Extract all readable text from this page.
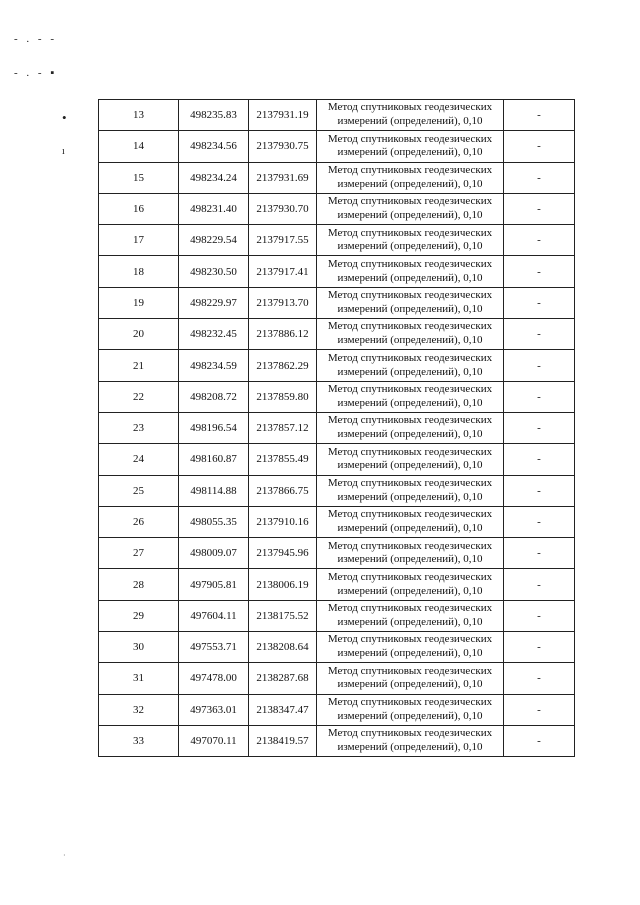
- . - -
- . - ▪
•
ı
·
13	498235.83	2137931.19	Метод спутниковых геодезических
измерений (определений), 0,10	-
14	498234.56	2137930.75	Метод спутниковых геодезических
измерений (определений), 0,10	-
15	498234.24	2137931.69	Метод спутниковых геодезических
измерений (определений), 0,10	-
16	498231.40	2137930.70	Метод спутниковых геодезических
измерений (определений), 0,10	-
17	498229.54	2137917.55	Метод спутниковых геодезических
измерений (определений), 0,10	-
18	498230.50	2137917.41	Метод спутниковых геодезических
измерений (определений), 0,10	-
19	498229.97	2137913.70	Метод спутниковых геодезических
измерений (определений), 0,10	-
20	498232.45	2137886.12	Метод спутниковых геодезических
измерений (определений), 0,10	-
21	498234.59	2137862.29	Метод спутниковых геодезических
измерений (определений), 0,10	-
22	498208.72	2137859.80	Метод спутниковых геодезических
измерений (определений), 0,10	-
23	498196.54	2137857.12	Метод спутниковых геодезических
измерений (определений), 0,10	-
24	498160.87	2137855.49	Метод спутниковых геодезических
измерений (определений), 0,10	-
25	498114.88	2137866.75	Метод спутниковых геодезических
измерений (определений), 0,10	-
26	498055.35	2137910.16	Метод спутниковых геодезических
измерений (определений), 0,10	-
27	498009.07	2137945.96	Метод спутниковых геодезических
измерений (определений), 0,10	-
28	497905.81	2138006.19	Метод спутниковых геодезических
измерений (определений), 0,10	-
29	497604.11	2138175.52	Метод спутниковых геодезических
измерений (определений), 0,10	-
30	497553.71	2138208.64	Метод спутниковых геодезических
измерений (определений), 0,10	-
31	497478.00	2138287.68	Метод спутниковых геодезических
измерений (определений), 0,10	-
32	497363.01	2138347.47	Метод спутниковых геодезических
измерений (определений), 0,10	-
33	497070.11	2138419.57	Метод спутниковых геодезических
измерений (определений), 0,10	-
